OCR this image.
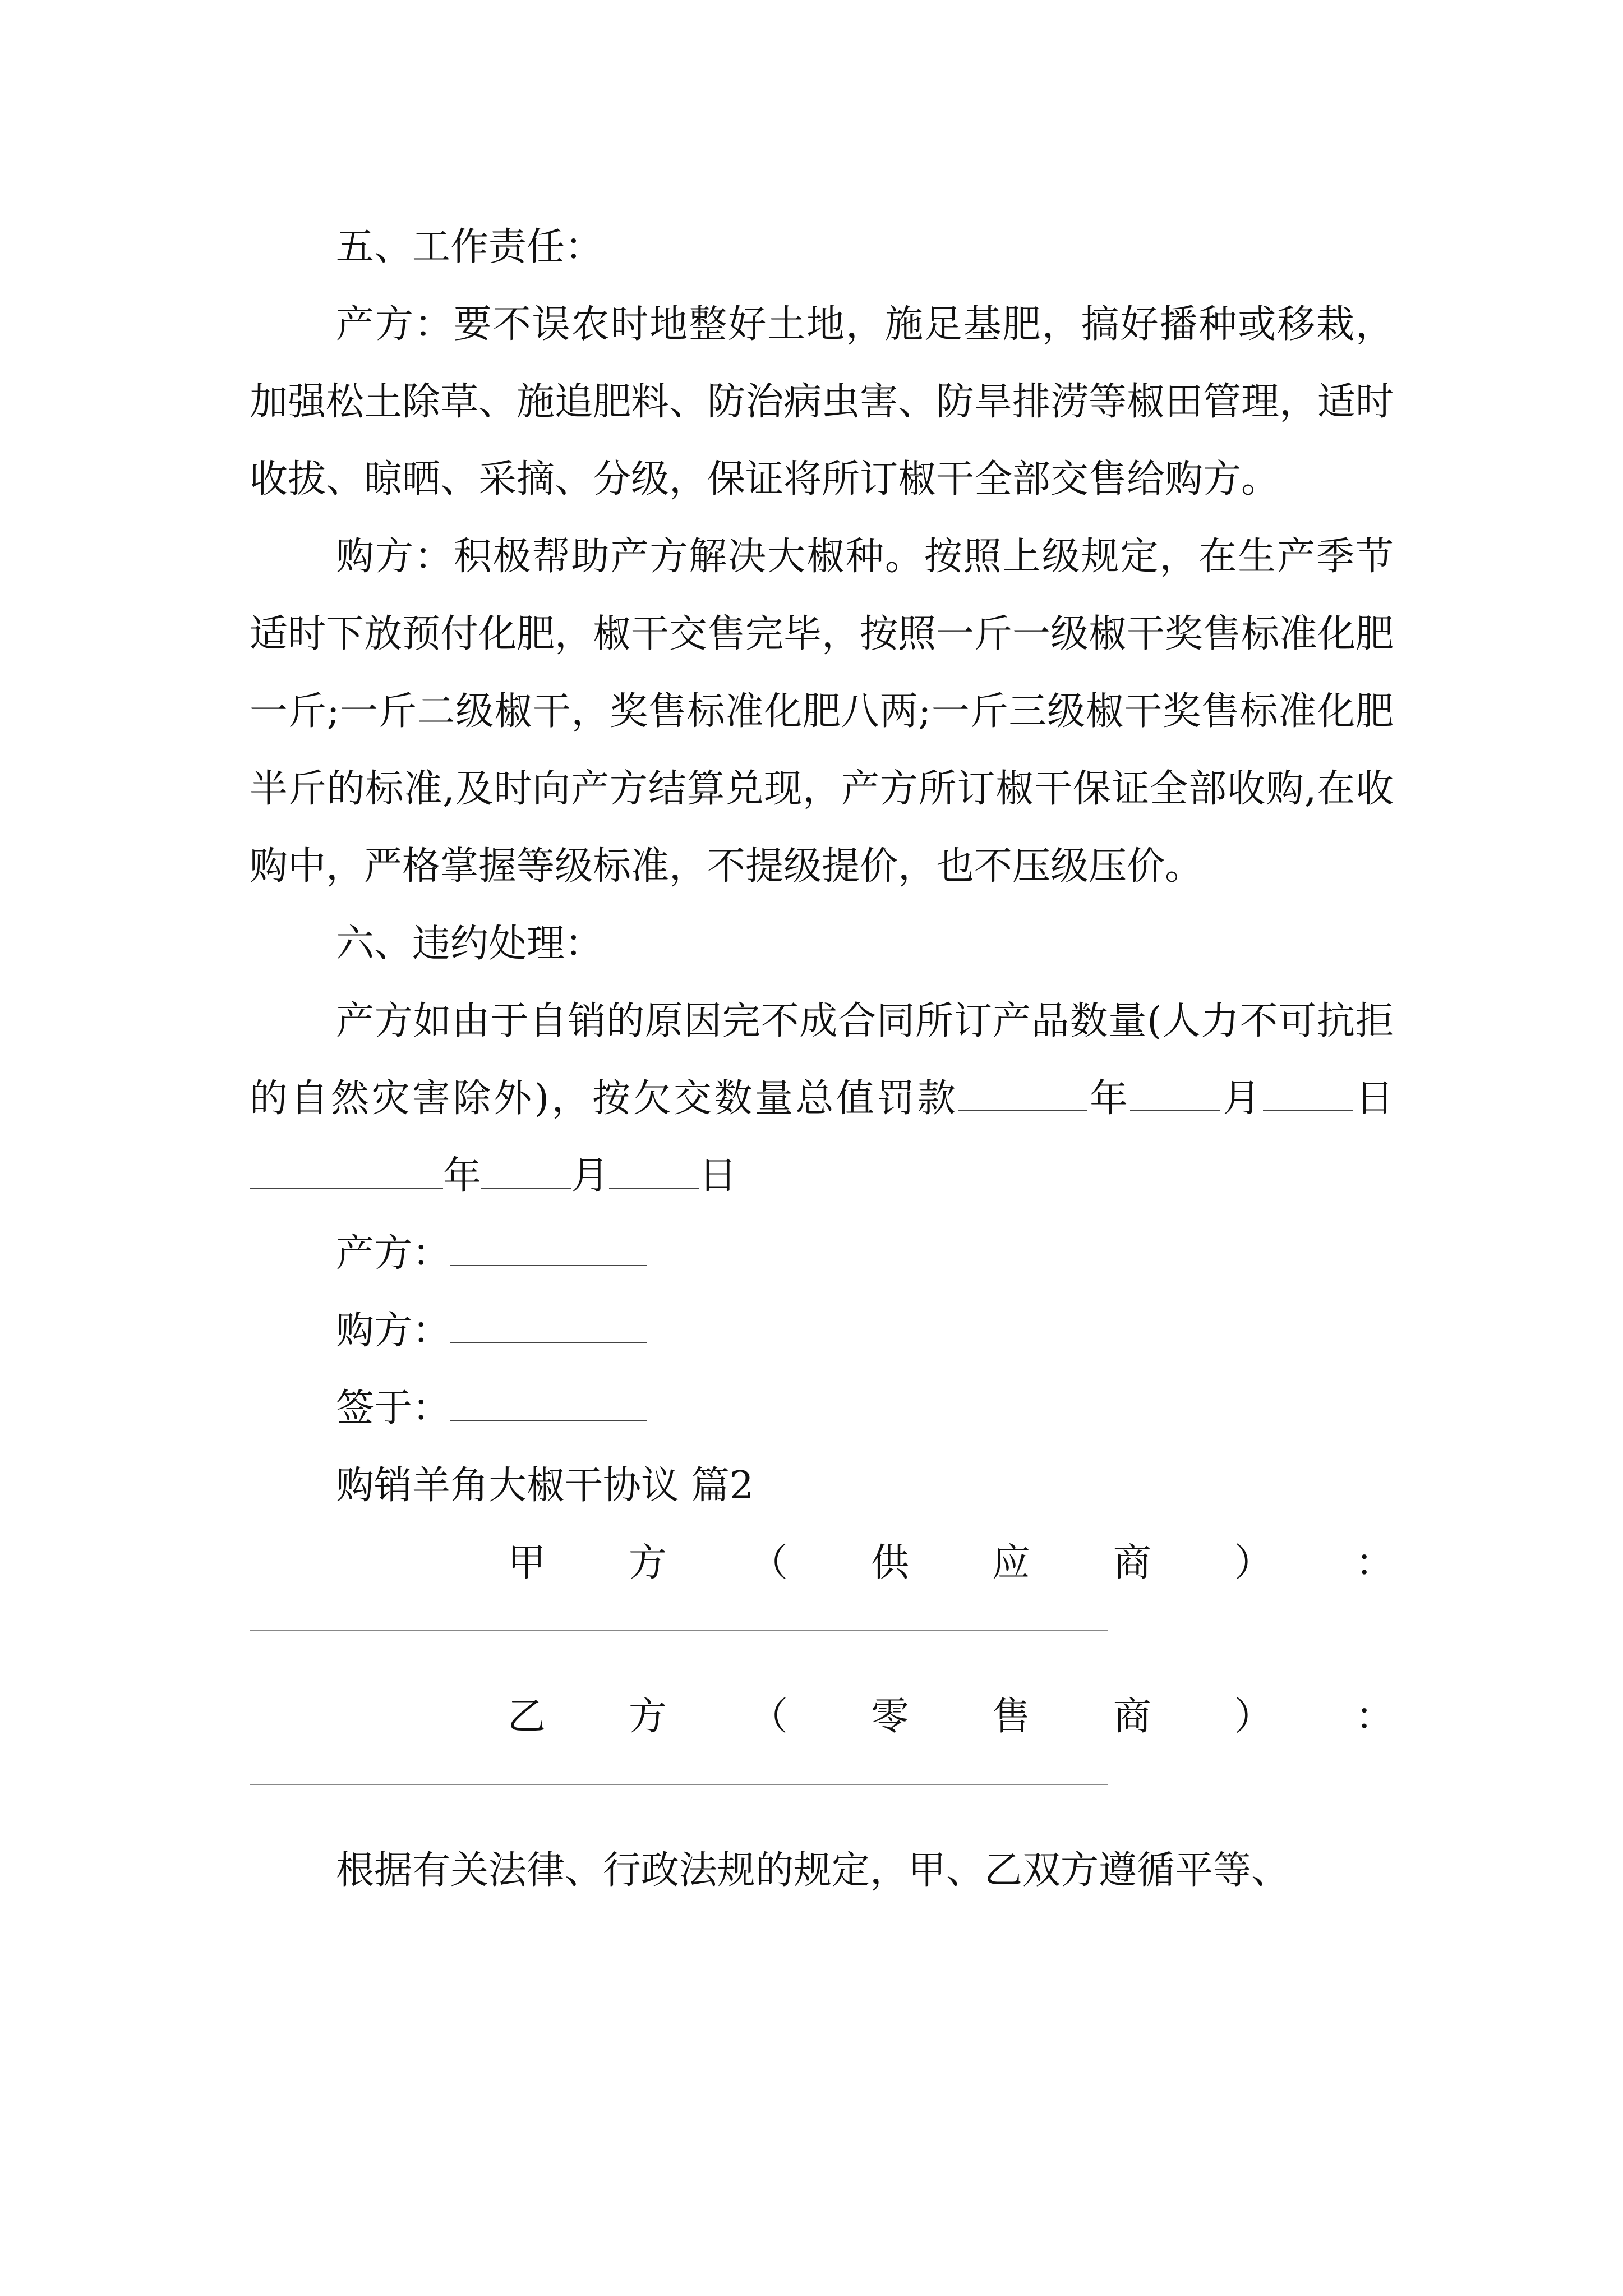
五、工作责任：

产方：要不误农时地整好土地，施足基肥，搞好播种或移栽，加强松土除草、施追肥料、防治病虫害、防旱排涝等椒田管理，适时收拔、晾晒、采摘、分级，保证将所订椒干全部交售给购方。

购方：积极帮助产方解决大椒种。按照上级规定，在生产季节适时下放预付化肥，椒干交售完毕，按照一斤一级椒干奖售标准化肥一斤;一斤二级椒干，奖售标准化肥八两;一斤三级椒干奖售标准化肥半斤的标准,及时向产方结算兑现，产方所订椒干保证全部收购,在收购中，严格掌握等级标准，不提级提价，也不压级压价。

六、违约处理：

产方如由于自销的原因完不成合同所订产品数量(人力不可抗拒的自然灾害除外)，按欠交数量总值罚款	年 月 日年 月 日

产方：

购方：

签于：

购销羊角大椒干协议 篇2

甲 方 （ 供 应 商 ） ：
乙 方 （ 零 售 商 ） ：

根据有关法律、行政法规的规定，甲、乙双方遵循平等、
